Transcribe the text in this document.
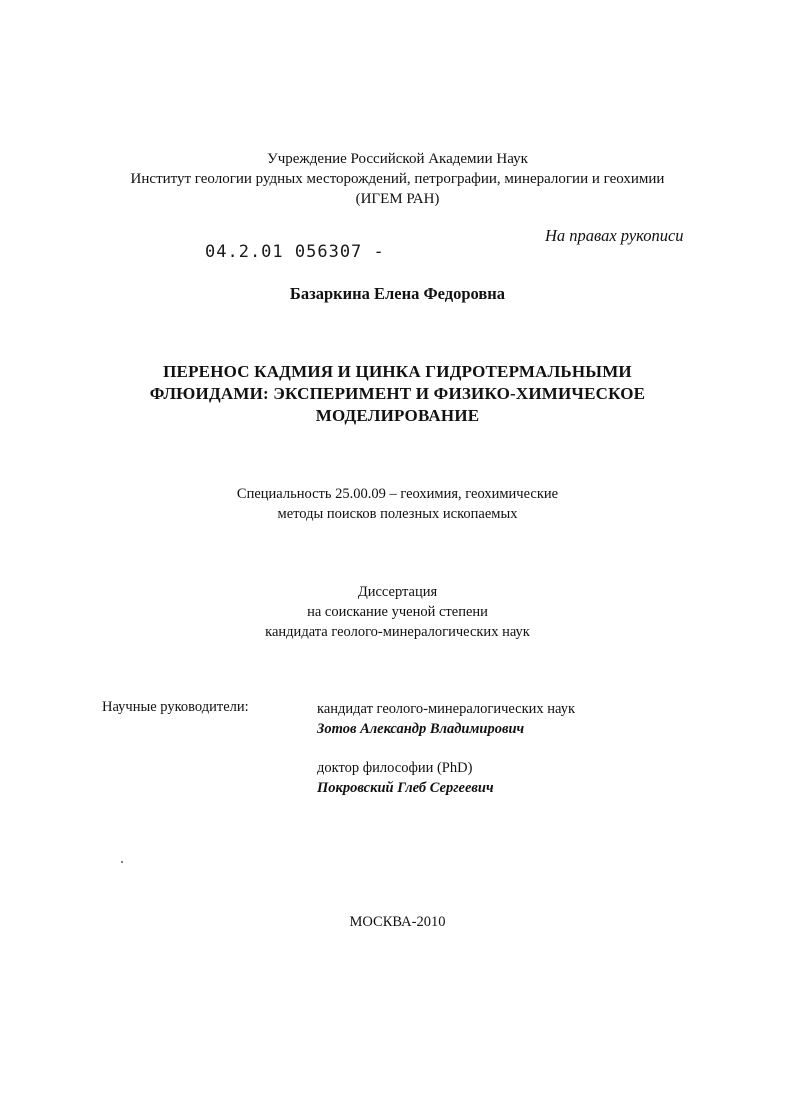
Учреждение Российской Академии Наук
Институт геологии рудных месторождений, петрографии, минералогии и геохимии
(ИГЕМ РАН)
На правах рукописи
04.2.01 056307 -
Базаркина Елена Федоровна
ПЕРЕНОС КАДМИЯ И ЦИНКА ГИДРОТЕРМАЛЬНЫМИ
ФЛЮИДАМИ: ЭКСПЕРИМЕНТ И ФИЗИКО-ХИМИЧЕСКОЕ
МОДЕЛИРОВАНИЕ
Специальность 25.00.09 – геохимия, геохимические
методы поисков полезных ископаемых
Диссертация
на соискание ученой степени
кандидата геолого-минералогических наук
Научные руководители:	кандидат геолого-минералогических наук
Зотов Александр Владимирович
доктор философии (PhD)
Покровский Глеб Сергеевич
МОСКВА-2010
